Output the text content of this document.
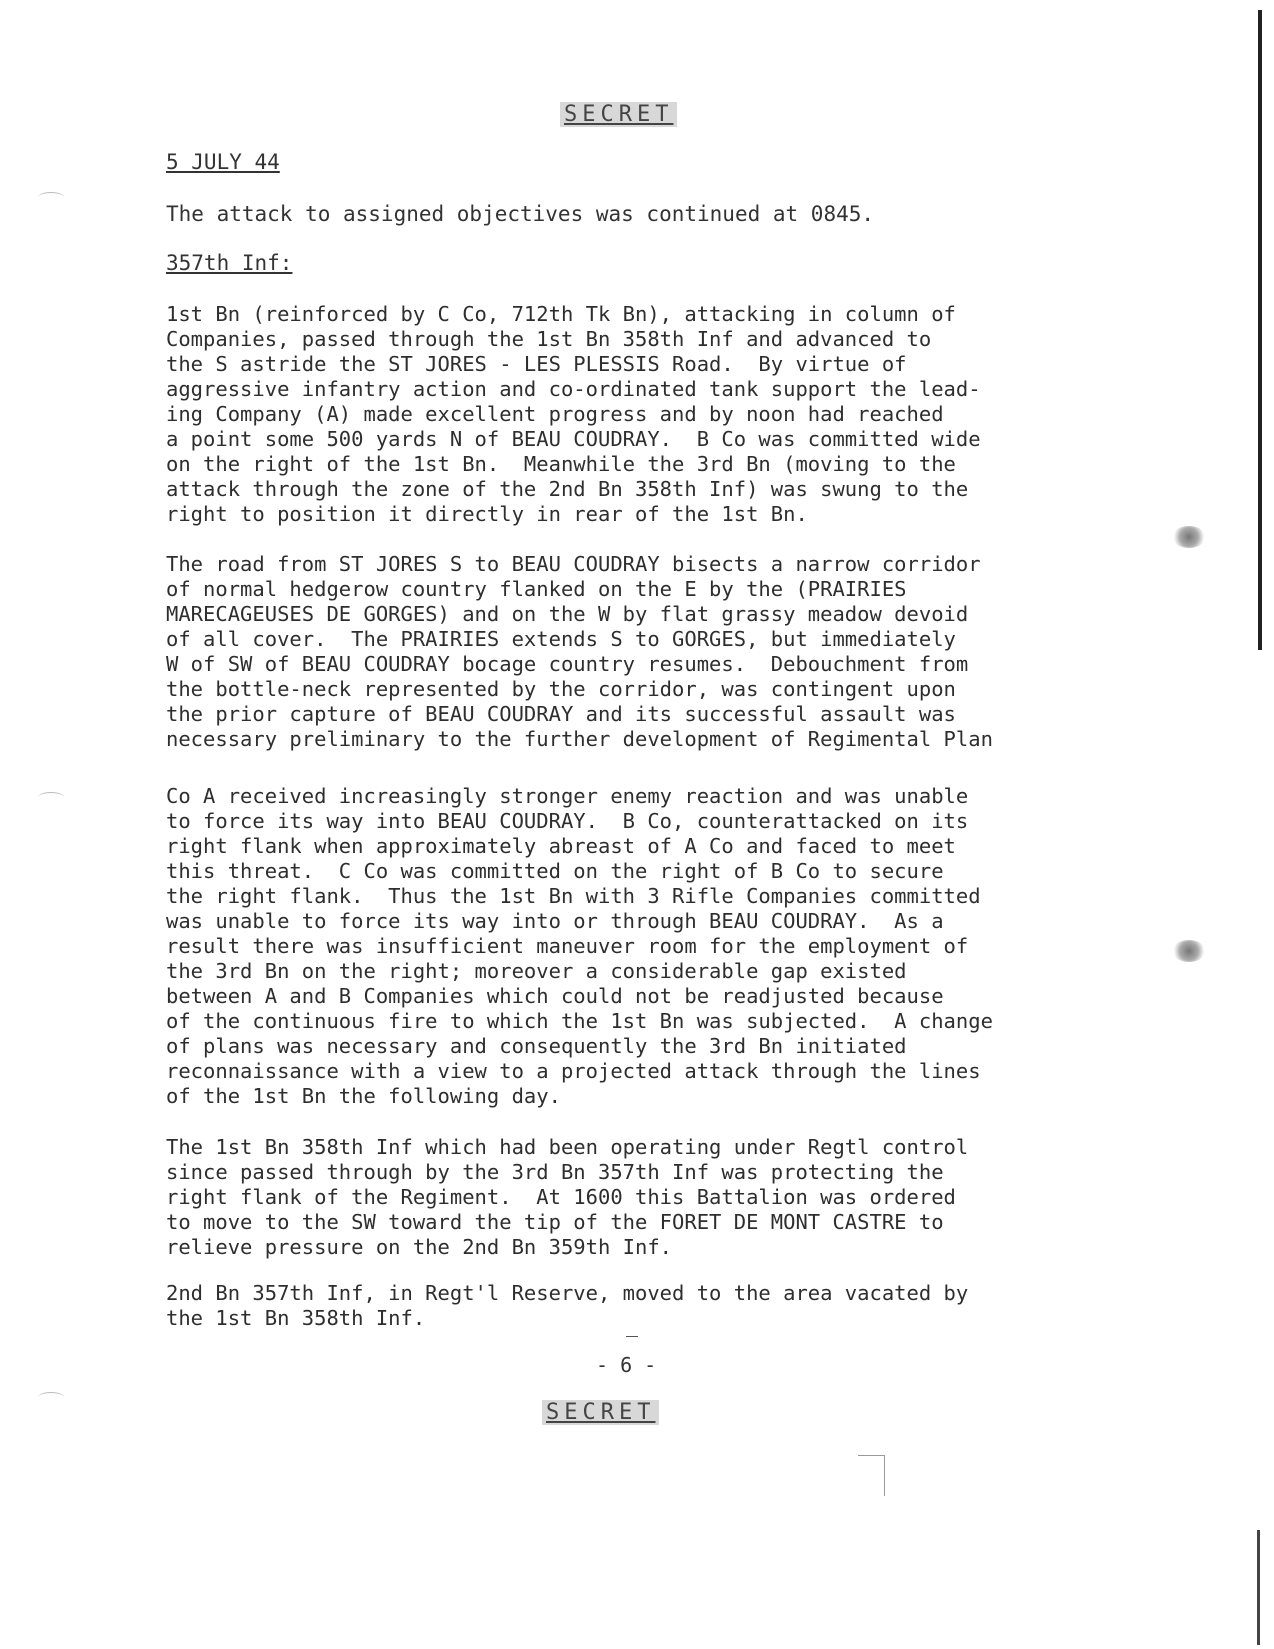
SECRET
5 JULY 44
The attack to assigned objectives was continued at 0845.
357th Inf:
1st Bn (reinforced by C Co, 712th Tk Bn), attacking in column of
Companies, passed through the 1st Bn 358th Inf and advanced to
the S astride the ST JORES - LES PLESSIS Road.  By virtue of
aggressive infantry action and co-ordinated tank support the lead-
ing Company (A) made excellent progress and by noon had reached
a point some 500 yards N of BEAU COUDRAY.  B Co was committed wide
on the right of the 1st Bn.  Meanwhile the 3rd Bn (moving to the
attack through the zone of the 2nd Bn 358th Inf) was swung to the
right to position it directly in rear of the 1st Bn.
The road from ST JORES S to BEAU COUDRAY bisects a narrow corridor
of normal hedgerow country flanked on the E by the (PRAIRIES
MARECAGEUSES DE GORGES) and on the W by flat grassy meadow devoid
of all cover.  The PRAIRIES extends S to GORGES, but immediately
W of SW of BEAU COUDRAY bocage country resumes.  Debouchment from
the bottle-neck represented by the corridor, was contingent upon
the prior capture of BEAU COUDRAY and its successful assault was
necessary preliminary to the further development of Regimental Plan
Co A received increasingly stronger enemy reaction and was unable
to force its way into BEAU COUDRAY.  B Co, counterattacked on its
right flank when approximately abreast of A Co and faced to meet
this threat.  C Co was committed on the right of B Co to secure
the right flank.  Thus the 1st Bn with 3 Rifle Companies committed
was unable to force its way into or through BEAU COUDRAY.  As a
result there was insufficient maneuver room for the employment of
the 3rd Bn on the right; moreover a considerable gap existed
between A and B Companies which could not be readjusted because
of the continuous fire to which the 1st Bn was subjected.  A change
of plans was necessary and consequently the 3rd Bn initiated
reconnaissance with a view to a projected attack through the lines
of the 1st Bn the following day.
The 1st Bn 358th Inf which had been operating under Regtl control
since passed through by the 3rd Bn 357th Inf was protecting the
right flank of the Regiment.  At 1600 this Battalion was ordered
to move to the SW toward the tip of the FORET DE MONT CASTRE to
relieve pressure on the 2nd Bn 359th Inf.
2nd Bn 357th Inf, in Regt'l Reserve, moved to the area vacated by
the 1st Bn 358th Inf.
- 6 -
SECRET
